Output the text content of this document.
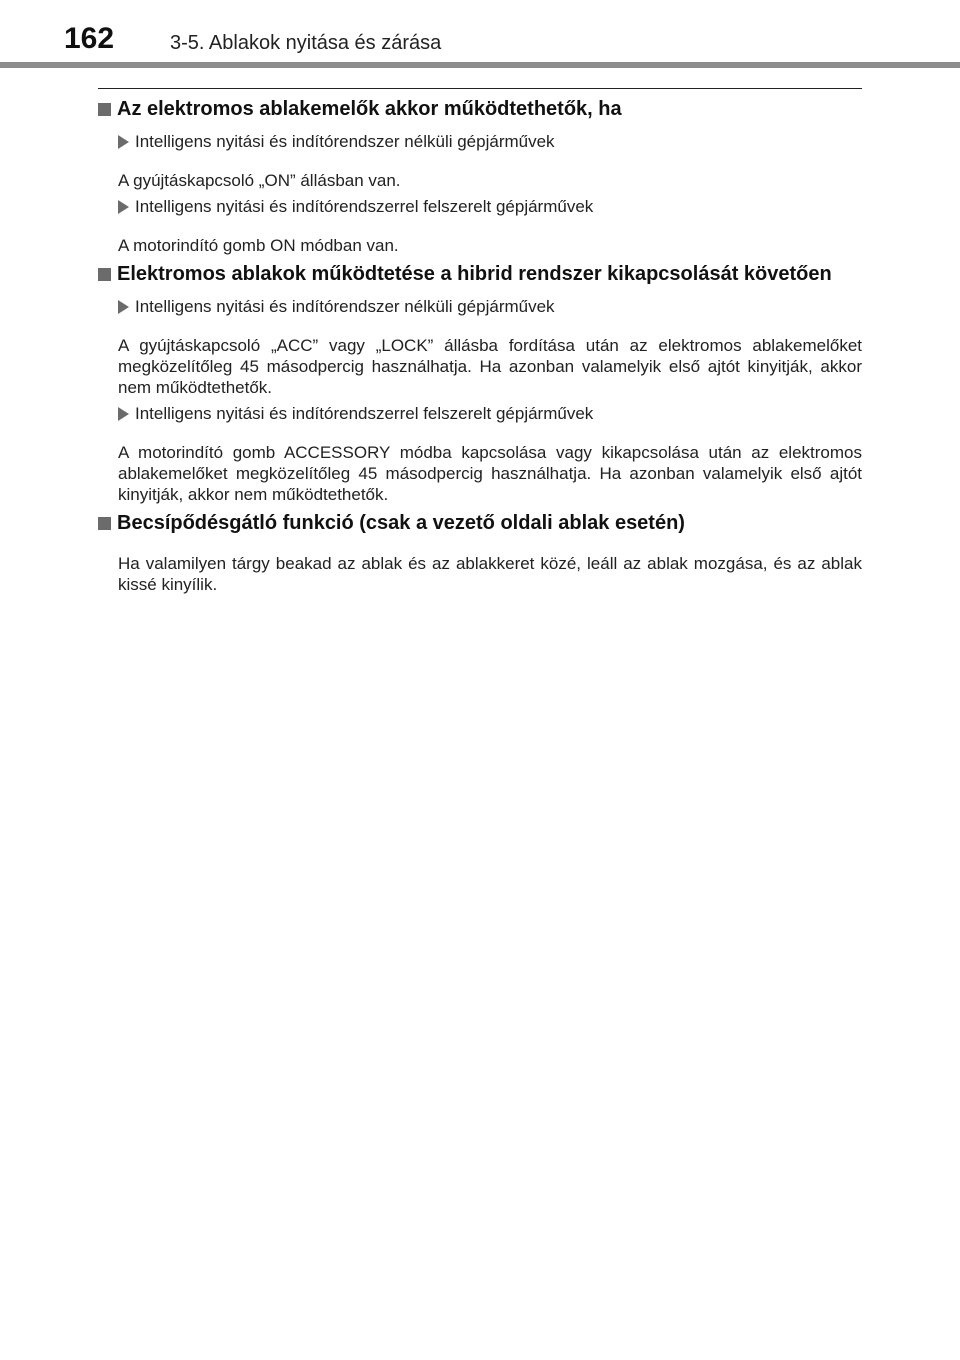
162	3-5. Ablakok nyitása és zárása
Az elektromos ablakemelők akkor működtethetők, ha
Intelligens nyitási és indítórendszer nélküli gépjárművek

A gyújtáskapcsoló „ON” állásban van.

Intelligens nyitási és indítórendszerrel felszerelt gépjárművek

A motorindító gomb ON módban van.

Elektromos ablakok működtetése a hibrid rendszer kikapcsolását követően
Intelligens nyitási és indítórendszer nélküli gépjárművek

A gyújtáskapcsoló „ACC” vagy „LOCK” állásba fordítása után az elektromos ablakemelőket megközelítőleg 45 másodpercig használhatja. Ha azonban valamelyik első ajtót kinyitják, akkor nem működtethetők.

Intelligens nyitási és indítórendszerrel felszerelt gépjárművek

A motorindító gomb ACCESSORY módba kapcsolása vagy kikapcsolása után az elektromos ablakemelőket megközelítőleg 45 másodpercig használhatja. Ha azonban valamelyik első ajtót kinyitják, akkor nem működtethetők.

Becsípődésgátló funkció (csak a vezető oldali ablak esetén)

Ha valamilyen tárgy beakad az ablak és az ablakkeret közé, leáll az ablak mozgása, és az ablak kissé kinyílik.
